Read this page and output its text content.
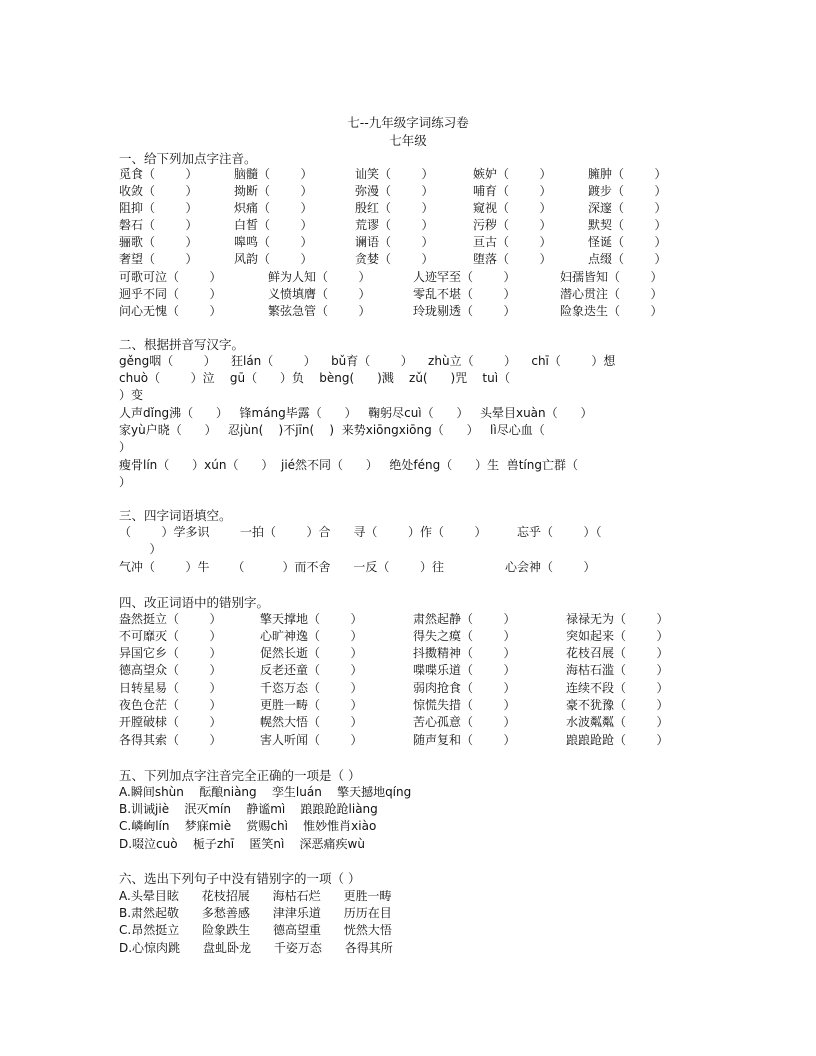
七--九年级字词练习卷
七年级
一、给下列加点字注音。
觅食（        ）	脑髓（        ）	讪笑（        ）	嫉妒（        ）	臃肿（        ）
收敛（        ）	拗断（        ）	弥漫（        ）	哺育（        ）	踱步（        ）
阻抑（        ）	炽痛（        ）	殷红（        ）	窥视（        ）	深邃（        ）
磐石（        ）	白皙（        ）	荒谬（        ）	污秽（        ）	默契（        ）
骊歌（        ）	嗥鸣（        ）	谰语（        ）	亘古（        ）	怪诞（        ）
奢望（        ）	风韵（        ）	贪婪（        ）	堕落（        ）	点缀（        ）
可歌可泣（        ）	鲜为人知（        ）	人迹罕至（        ）	妇孺皆知（        ）
迥乎不同（        ）	义愤填膺（        ）	零乱不堪（        ）	潜心贯注（        ）
问心无愧（        ）	繁弦急管（        ）	玲珑剔透（        ）	险象迭生（        ）
二、根据拼音写汉字。
gěng咽（        ）    狂lán（        ）    bǔ育（        ）    zhù立（        ）    chī（        ）想
chuò（        ）泣    gū（      ）负    bèng(      )溅    zǔ(      )咒    tuì（
）变
人声dǐng沸（      ）   锋máng毕露（      ）   鞠躬尽cuì（      ）   头晕目xuàn（      ）
家yù户晓（      ）   忍jùn(    )不jīn(    )  来势xiōngxiōng（      ）   lì尽心血（
）
瘦骨lín（      ）xún（      ）  jié然不同（      ）   绝处féng（      ）生  兽tíng亡群（
）
三、四字词语填空。
（        ）学多识        一拍（        ）合      寻（        ）作（        ）        忘乎（        ）（
）
气冲（        ）牛      （          ）而不舍      一反（        ）往                心会神（        ）
四、改正词语中的错别字。
盎然挺立（        ）	擎天撑地（        ）	肃然起静（        ）	禄禄无为（        ）
不可靡灭（        ）	心旷神逸（        ）	得失之瘼（        ）	突如起来（        ）
异国它乡（        ）	促然长逝（        ）	抖擞精神（        ）	花枝召展（        ）
德高望众（        ）	反老还童（        ）	喋喋乐道（        ）	海枯石滥（        ）
日转星易（        ）	千恣万态（        ）	弱肉抢食（        ）	连续不段（        ）
夜色仓茫（        ）	更胜一畴（        ）	惊慌失措（        ）	豪不犹豫（        ）
开膛破梂（        ）	幌然大悟（        ）	苦心孤意（        ）	水波粼粼（        ）
各得其索（        ）	害人听闻（        ）	随声复和（        ）	踉踉跄跄（        ）
五、下列加点字注音完全正确的一项是（ ）
A.瞬间shùn    酝酿niàng    孪生luán    擎天撼地qíng
B.训诫jiè    泯灭mín    静谧mì    踉踉跄跄liàng
C.嶙峋lín    梦寐miè    赏赐chì    惟妙惟肖xiào
D.啜泣cuò    栀子zhī    匿笑nì    深恶痛疾wù
六、选出下列句子中没有错别字的一项（ ）
A.头晕目眩      花枝招展      海枯石烂      更胜一畴
B.肃然起敬      多愁善感      津津乐道      历历在目
C.昂然挺立      险象跌生      德高望重      恍然大悟
D.心惊肉跳      盘虬卧龙      千姿万态      各得其所
